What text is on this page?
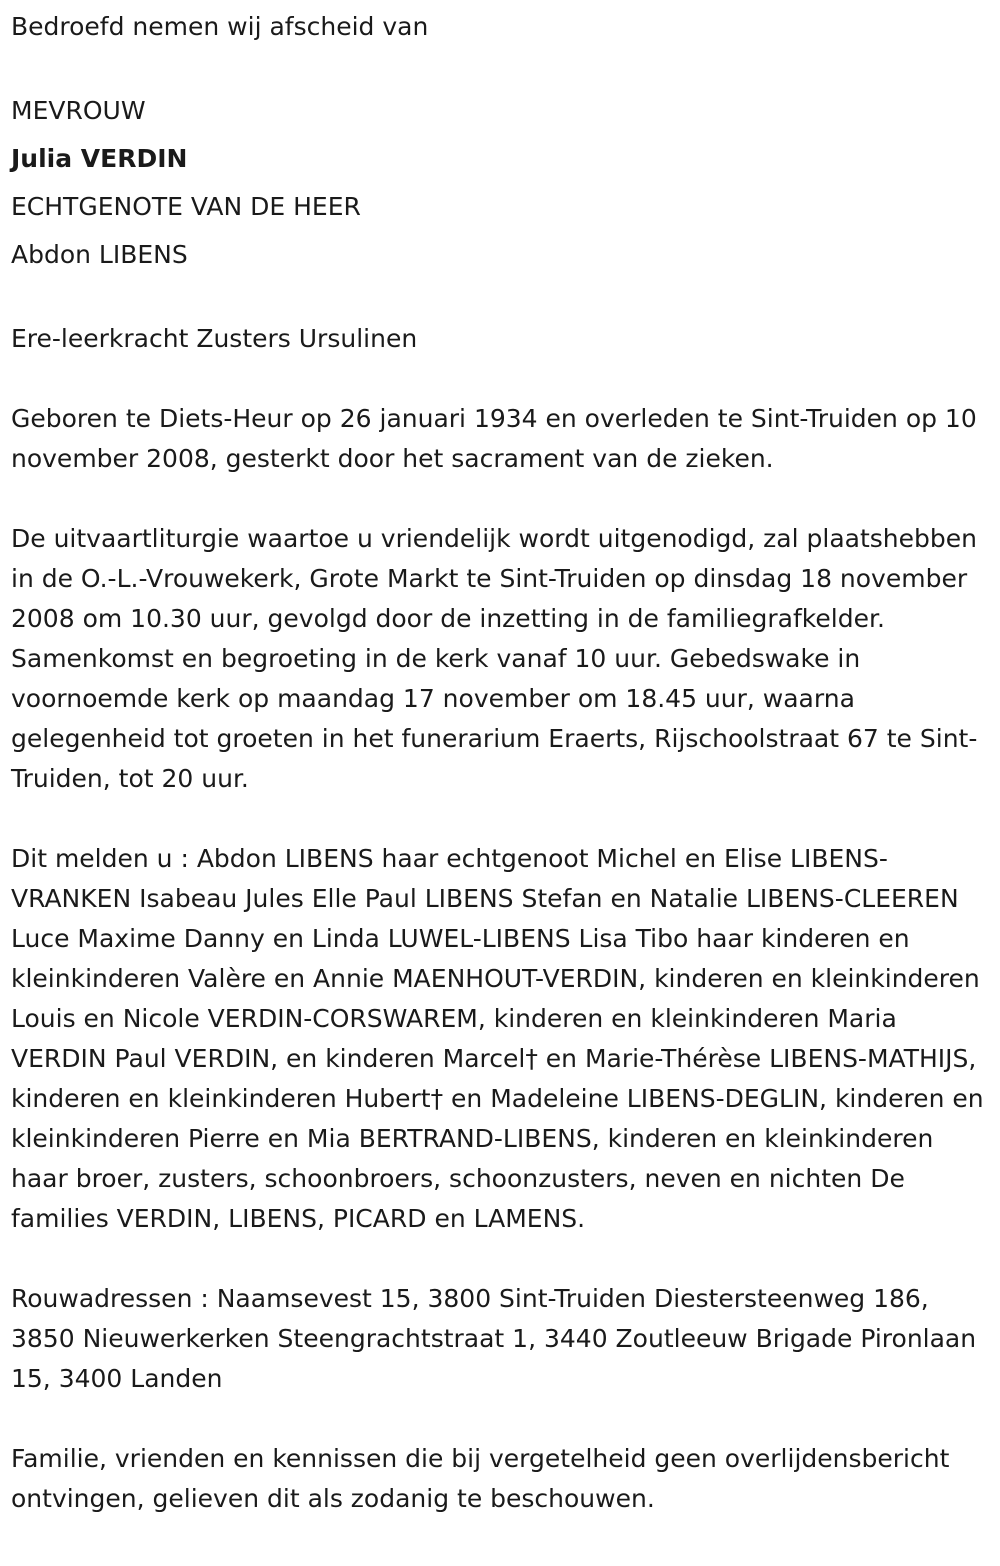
Bedroefd nemen wij afscheid van

MEVROUW

Julia VERDIN

ECHTGENOTE VAN DE HEER

Abdon LIBENS

Ere-leerkracht Zusters Ursulinen

Geboren te Diets-Heur op 26 januari 1934 en overleden te Sint-Truiden op 10 november 2008, gesterkt door het sacrament van de zieken.

De uitvaartliturgie waartoe u vriendelijk wordt uitgenodigd, zal plaatshebben in de O.-L.-Vrouwekerk, Grote Markt te Sint-Truiden op dinsdag 18 november 2008 om 10.30 uur, gevolgd door de inzetting in de familiegrafkelder. Samenkomst en begroeting in de kerk vanaf 10 uur. Gebedswake in voornoemde kerk op maandag 17 november om 18.45 uur, waarna gelegenheid tot groeten in het funerarium Eraerts, Rijschoolstraat 67 te Sint-Truiden, tot 20 uur.

Dit melden u : Abdon LIBENS haar echtgenoot Michel en Elise LIBENS-VRANKEN Isabeau Jules Elle Paul LIBENS Stefan en Natalie LIBENS-CLEEREN Luce Maxime Danny en Linda LUWEL-LIBENS Lisa Tibo haar kinderen en kleinkinderen Valère en Annie MAENHOUT-VERDIN, kinderen en kleinkinderen Louis en Nicole VERDIN-CORSWAREM, kinderen en kleinkinderen Maria VERDIN Paul VERDIN, en kinderen Marcel† en Marie-Thérèse LIBENS-MATHIJS, kinderen en kleinkinderen Hubert† en Madeleine LIBENS-DEGLIN, kinderen en kleinkinderen Pierre en Mia BERTRAND-LIBENS, kinderen en kleinkinderen haar broer, zusters, schoonbroers, schoonzusters, neven en nichten De families VERDIN, LIBENS, PICARD en LAMENS.

Rouwadressen : Naamsevest 15, 3800 Sint-Truiden Diestersteenweg 186, 3850 Nieuwerkerken Steengrachtstraat 1, 3440 Zoutleeuw Brigade Pironlaan 15, 3400 Landen

Familie, vrienden en kennissen die bij vergetelheid geen overlijdensbericht ontvingen, gelieven dit als zodanig te beschouwen.
